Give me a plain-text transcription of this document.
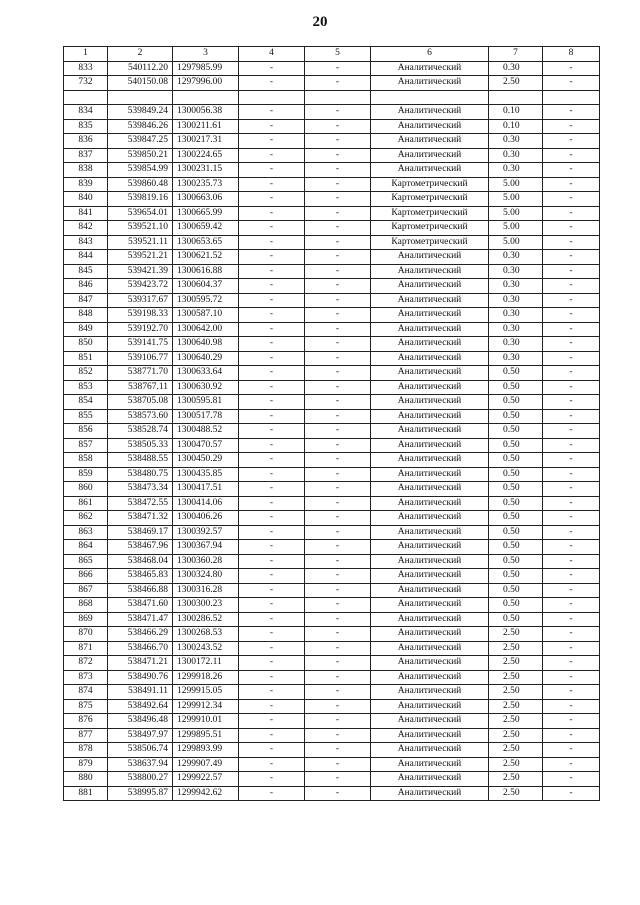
20
1	2	3	4	5	6	7	8
833	540112.20	1297985.99	-	-	Аналитический	0.30	-
732	540150.08	1297996.00	-	-	Аналитический	2.50	-

834	539849.24	1300056.38	-	-	Аналитический	0.10	-
835	539846.26	1300211.61	-	-	Аналитический	0.10	-
836	539847.25	1300217.31	-	-	Аналитический	0.30	-
837	539850.21	1300224.65	-	-	Аналитический	0.30	-
838	539854.99	1300231.15	-	-	Аналитический	0.30	-
839	539860.48	1300235.73	-	-	Картометрический	5.00	-
840	539819.16	1300663.06	-	-	Картометрический	5.00	-
841	539654.01	1300665.99	-	-	Картометрический	5.00	-
842	539521.10	1300659.42	-	-	Картометрический	5.00	-
843	539521.11	1300653.65	-	-	Картометрический	5.00	-
844	539521.21	1300621.52	-	-	Аналитический	0.30	-
845	539421.39	1300616.88	-	-	Аналитический	0.30	-
846	539423.72	1300604.37	-	-	Аналитический	0.30	-
847	539317.67	1300595.72	-	-	Аналитический	0.30	-
848	539198.33	1300587.10	-	-	Аналитический	0.30	-
849	539192.70	1300642.00	-	-	Аналитический	0.30	-
850	539141.75	1300640.98	-	-	Аналитический	0.30	-
851	539106.77	1300640.29	-	-	Аналитический	0.30	-
852	538771.70	1300633.64	-	-	Аналитический	0.50	-
853	538767.11	1300630.92	-	-	Аналитический	0.50	-
854	538705.08	1300595.81	-	-	Аналитический	0.50	-
855	538573.60	1300517.78	-	-	Аналитический	0.50	-
856	538528.74	1300488.52	-	-	Аналитический	0.50	-
857	538505.33	1300470.57	-	-	Аналитический	0.50	-
858	538488.55	1300450.29	-	-	Аналитический	0.50	-
859	538480.75	1300435.85	-	-	Аналитический	0.50	-
860	538473.34	1300417.51	-	-	Аналитический	0.50	-
861	538472.55	1300414.06	-	-	Аналитический	0.50	-
862	538471.32	1300406.26	-	-	Аналитический	0.50	-
863	538469.17	1300392.57	-	-	Аналитический	0.50	-
864	538467.96	1300367.94	-	-	Аналитический	0.50	-
865	538468.04	1300360.28	-	-	Аналитический	0.50	-
866	538465.83	1300324.80	-	-	Аналитический	0.50	-
867	538466.88	1300316.28	-	-	Аналитический	0.50	-
868	538471.60	1300300.23	-	-	Аналитический	0.50	-
869	538471.47	1300286.52	-	-	Аналитический	0.50	-
870	538466.29	1300268.53	-	-	Аналитический	2.50	-
871	538466.70	1300243.52	-	-	Аналитический	2.50	-
872	538471.21	1300172.11	-	-	Аналитический	2.50	-
873	538490.76	1299918.26	-	-	Аналитический	2.50	-
874	538491.11	1299915.05	-	-	Аналитический	2.50	-
875	538492.64	1299912.34	-	-	Аналитический	2.50	-
876	538496.48	1299910.01	-	-	Аналитический	2.50	-
877	538497.97	1299895.51	-	-	Аналитический	2.50	-
878	538506.74	1299893.99	-	-	Аналитический	2.50	-
879	538637.94	1299907.49	-	-	Аналитический	2.50	-
880	538800.27	1299922.57	-	-	Аналитический	2.50	-
881	538995.87	1299942.62	-	-	Аналитический	2.50	-
